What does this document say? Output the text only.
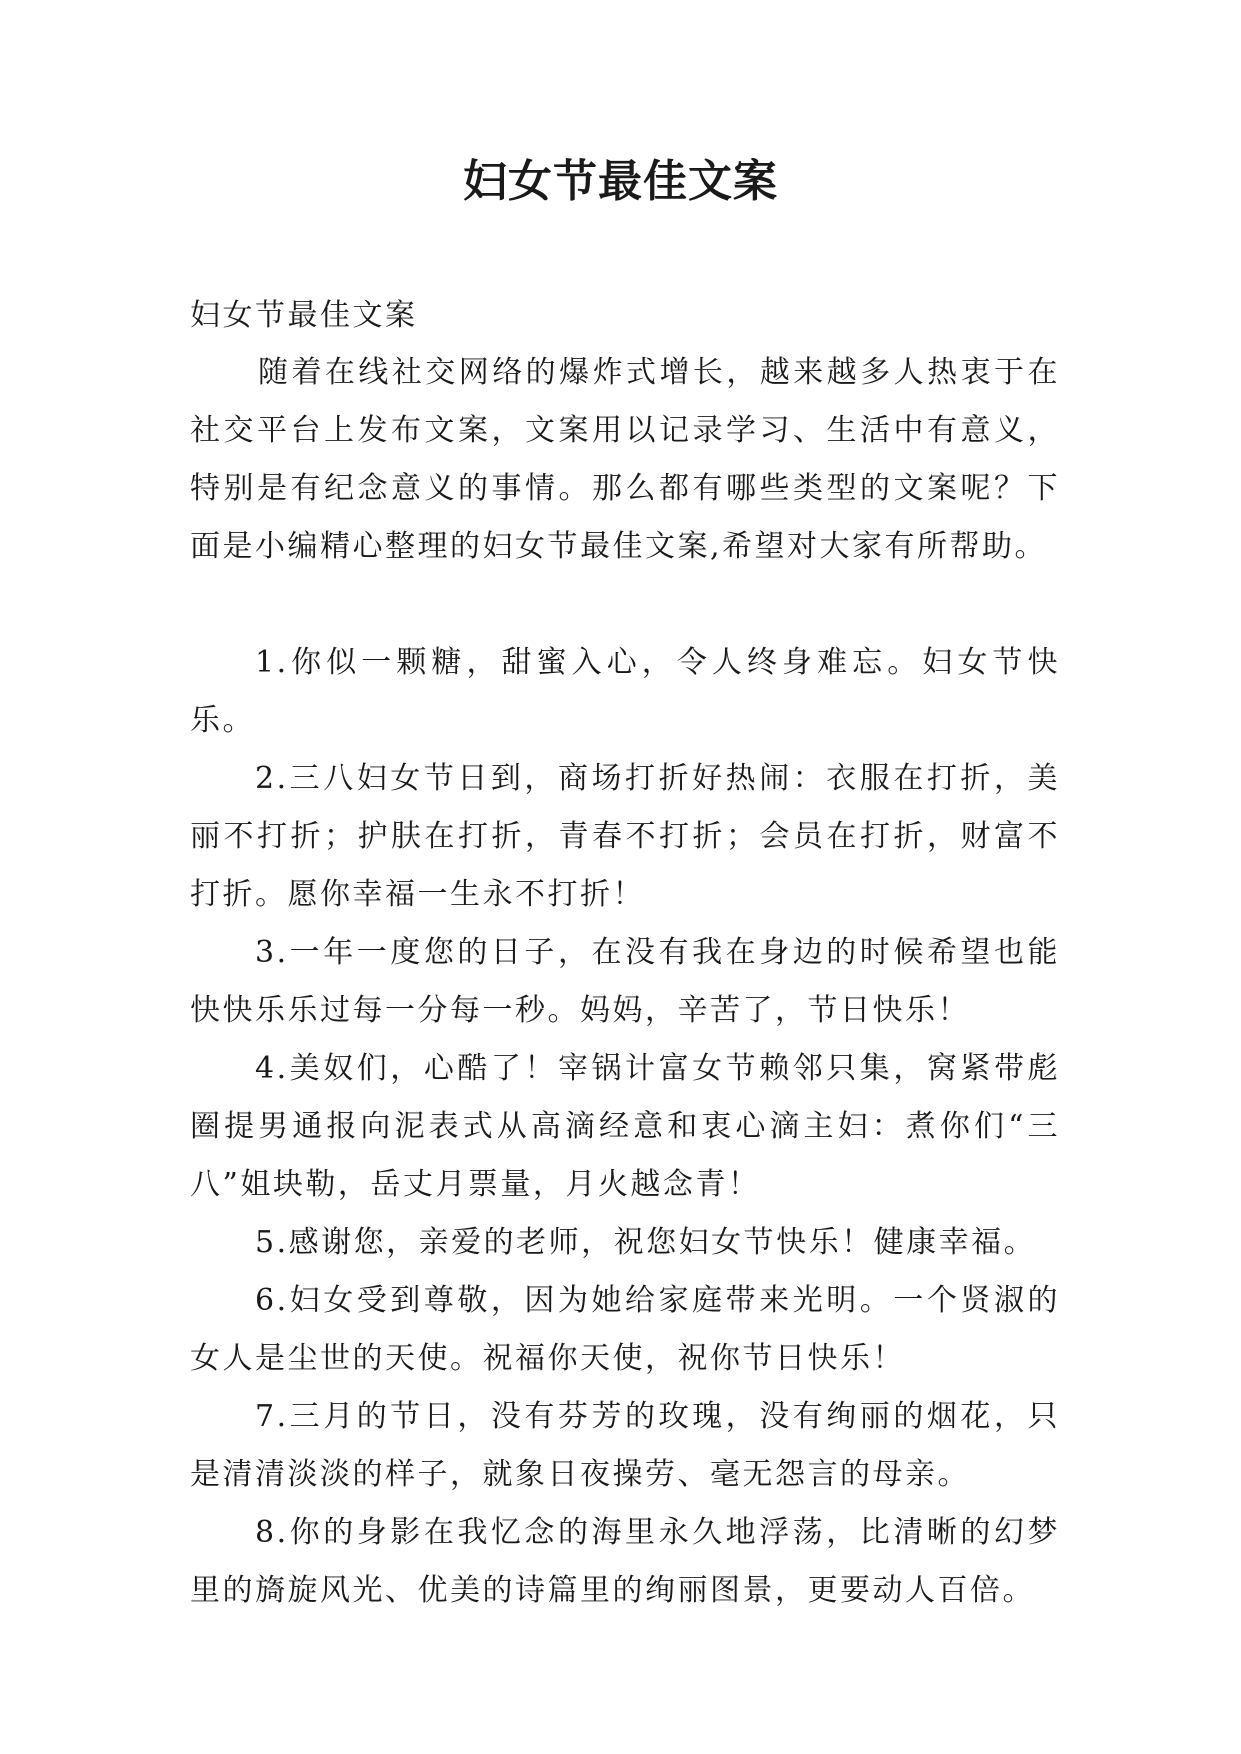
妇女节最佳文案
妇女节最佳文案
随着在线社交网络的爆炸式增长，越来越多人热衷于在社交平台上发布文案，文案用以记录学习、生活中有意义，特别是有纪念意义的事情。那么都有哪些类型的文案呢？下面是小编精心整理的妇女节最佳文案,希望对大家有所帮助。

1.你似一颗糖，甜蜜入心，令人终身难忘。妇女节快乐。

2.三八妇女节日到，商场打折好热闹：衣服在打折，美丽不打折；护肤在打折，青春不打折；会员在打折，财富不打折。愿你幸福一生永不打折！

3.一年一度您的日子，在没有我在身边的时候希望也能快快乐乐过每一分每一秒。妈妈，辛苦了，节日快乐！

4.美奴们，心酷了！宰锅计富女节赖邻只集，窝紧带彪圈提男通报向泥表式从高滴经意和衷心滴主妇：煮你们“三八”姐块勒，岳丈月票量，月火越念青！

5.感谢您，亲爱的老师，祝您妇女节快乐！健康幸福。

6.妇女受到尊敬，因为她给家庭带来光明。一个贤淑的女人是尘世的天使。祝福你天使，祝你节日快乐！

7.三月的节日，没有芬芳的玫瑰，没有绚丽的烟花，只是清清淡淡的样子，就象日夜操劳、毫无怨言的母亲。

8.你的身影在我忆念的海里永久地浮荡，比清晰的幻梦里的旖旋风光、优美的诗篇里的绚丽图景，更要动人百倍。
